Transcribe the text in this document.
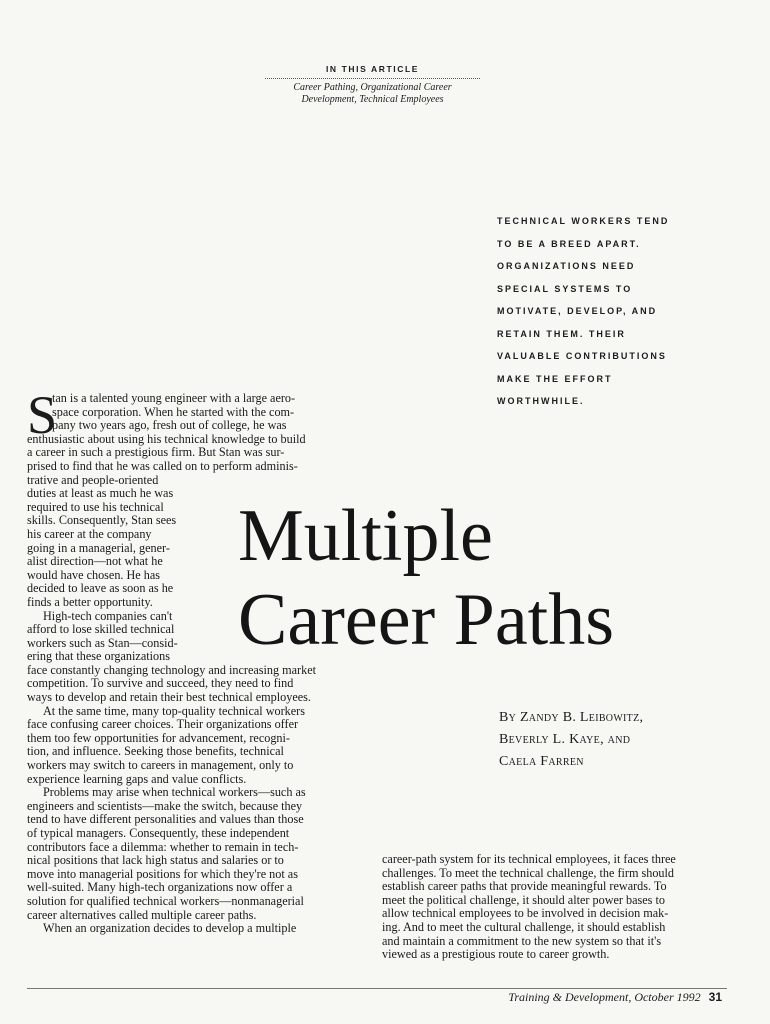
IN THIS ARTICLE
Career Pathing, Organizational Career
Development, Technical Employees
TECHNICAL WORKERS TEND
TO BE A BREED APART.
ORGANIZATIONS NEED
SPECIAL SYSTEMS TO
MOTIVATE, DEVELOP, AND
RETAIN THEM. THEIR
VALUABLE CONTRIBUTIONS
MAKE THE EFFORT
WORTHWHILE.
Multiple
Career Paths
By Zandy B. Leibowitz,
Beverly L. Kaye, and
Caela Farren
S
tan is a talented young engineer with a large aero-
space corporation. When he started with the com-
pany two years ago, fresh out of college, he was
enthusiastic about using his technical knowledge to build
a career in such a prestigious firm. But Stan was sur-
prised to find that he was called on to perform adminis-
trative and people-oriented
duties at least as much he was
required to use his technical
skills. Consequently, Stan sees
his career at the company
going in a managerial, gener-
alist direction—not what he
would have chosen. He has
decided to leave as soon as he
finds a better opportunity.
High-tech companies can't
afford to lose skilled technical
workers such as Stan—consid-
ering that these organizations
face constantly changing technology and increasing market
competition. To survive and succeed, they need to find
ways to develop and retain their best technical employees.
At the same time, many top-quality technical workers
face confusing career choices. Their organizations offer
them too few opportunities for advancement, recogni-
tion, and influence. Seeking those benefits, technical
workers may switch to careers in management, only to
experience learning gaps and value conflicts.
Problems may arise when technical workers—such as
engineers and scientists—make the switch, because they
tend to have different personalities and values than those
of typical managers. Consequently, these independent
contributors face a dilemma: whether to remain in tech-
nical positions that lack high status and salaries or to
move into managerial positions for which they're not as
well-suited. Many high-tech organizations now offer a
solution for qualified technical workers—nonmanagerial
career alternatives called multiple career paths.
When an organization decides to develop a multiple
career-path system for its technical employees, it faces three
challenges. To meet the technical challenge, the firm should
establish career paths that provide meaningful rewards. To
meet the political challenge, it should alter power bases to
allow technical employees to be involved in decision mak-
ing. And to meet the cultural challenge, it should establish
and maintain a commitment to the new system so that it's
viewed as a prestigious route to career growth.
Training & Development, October 1992 31
